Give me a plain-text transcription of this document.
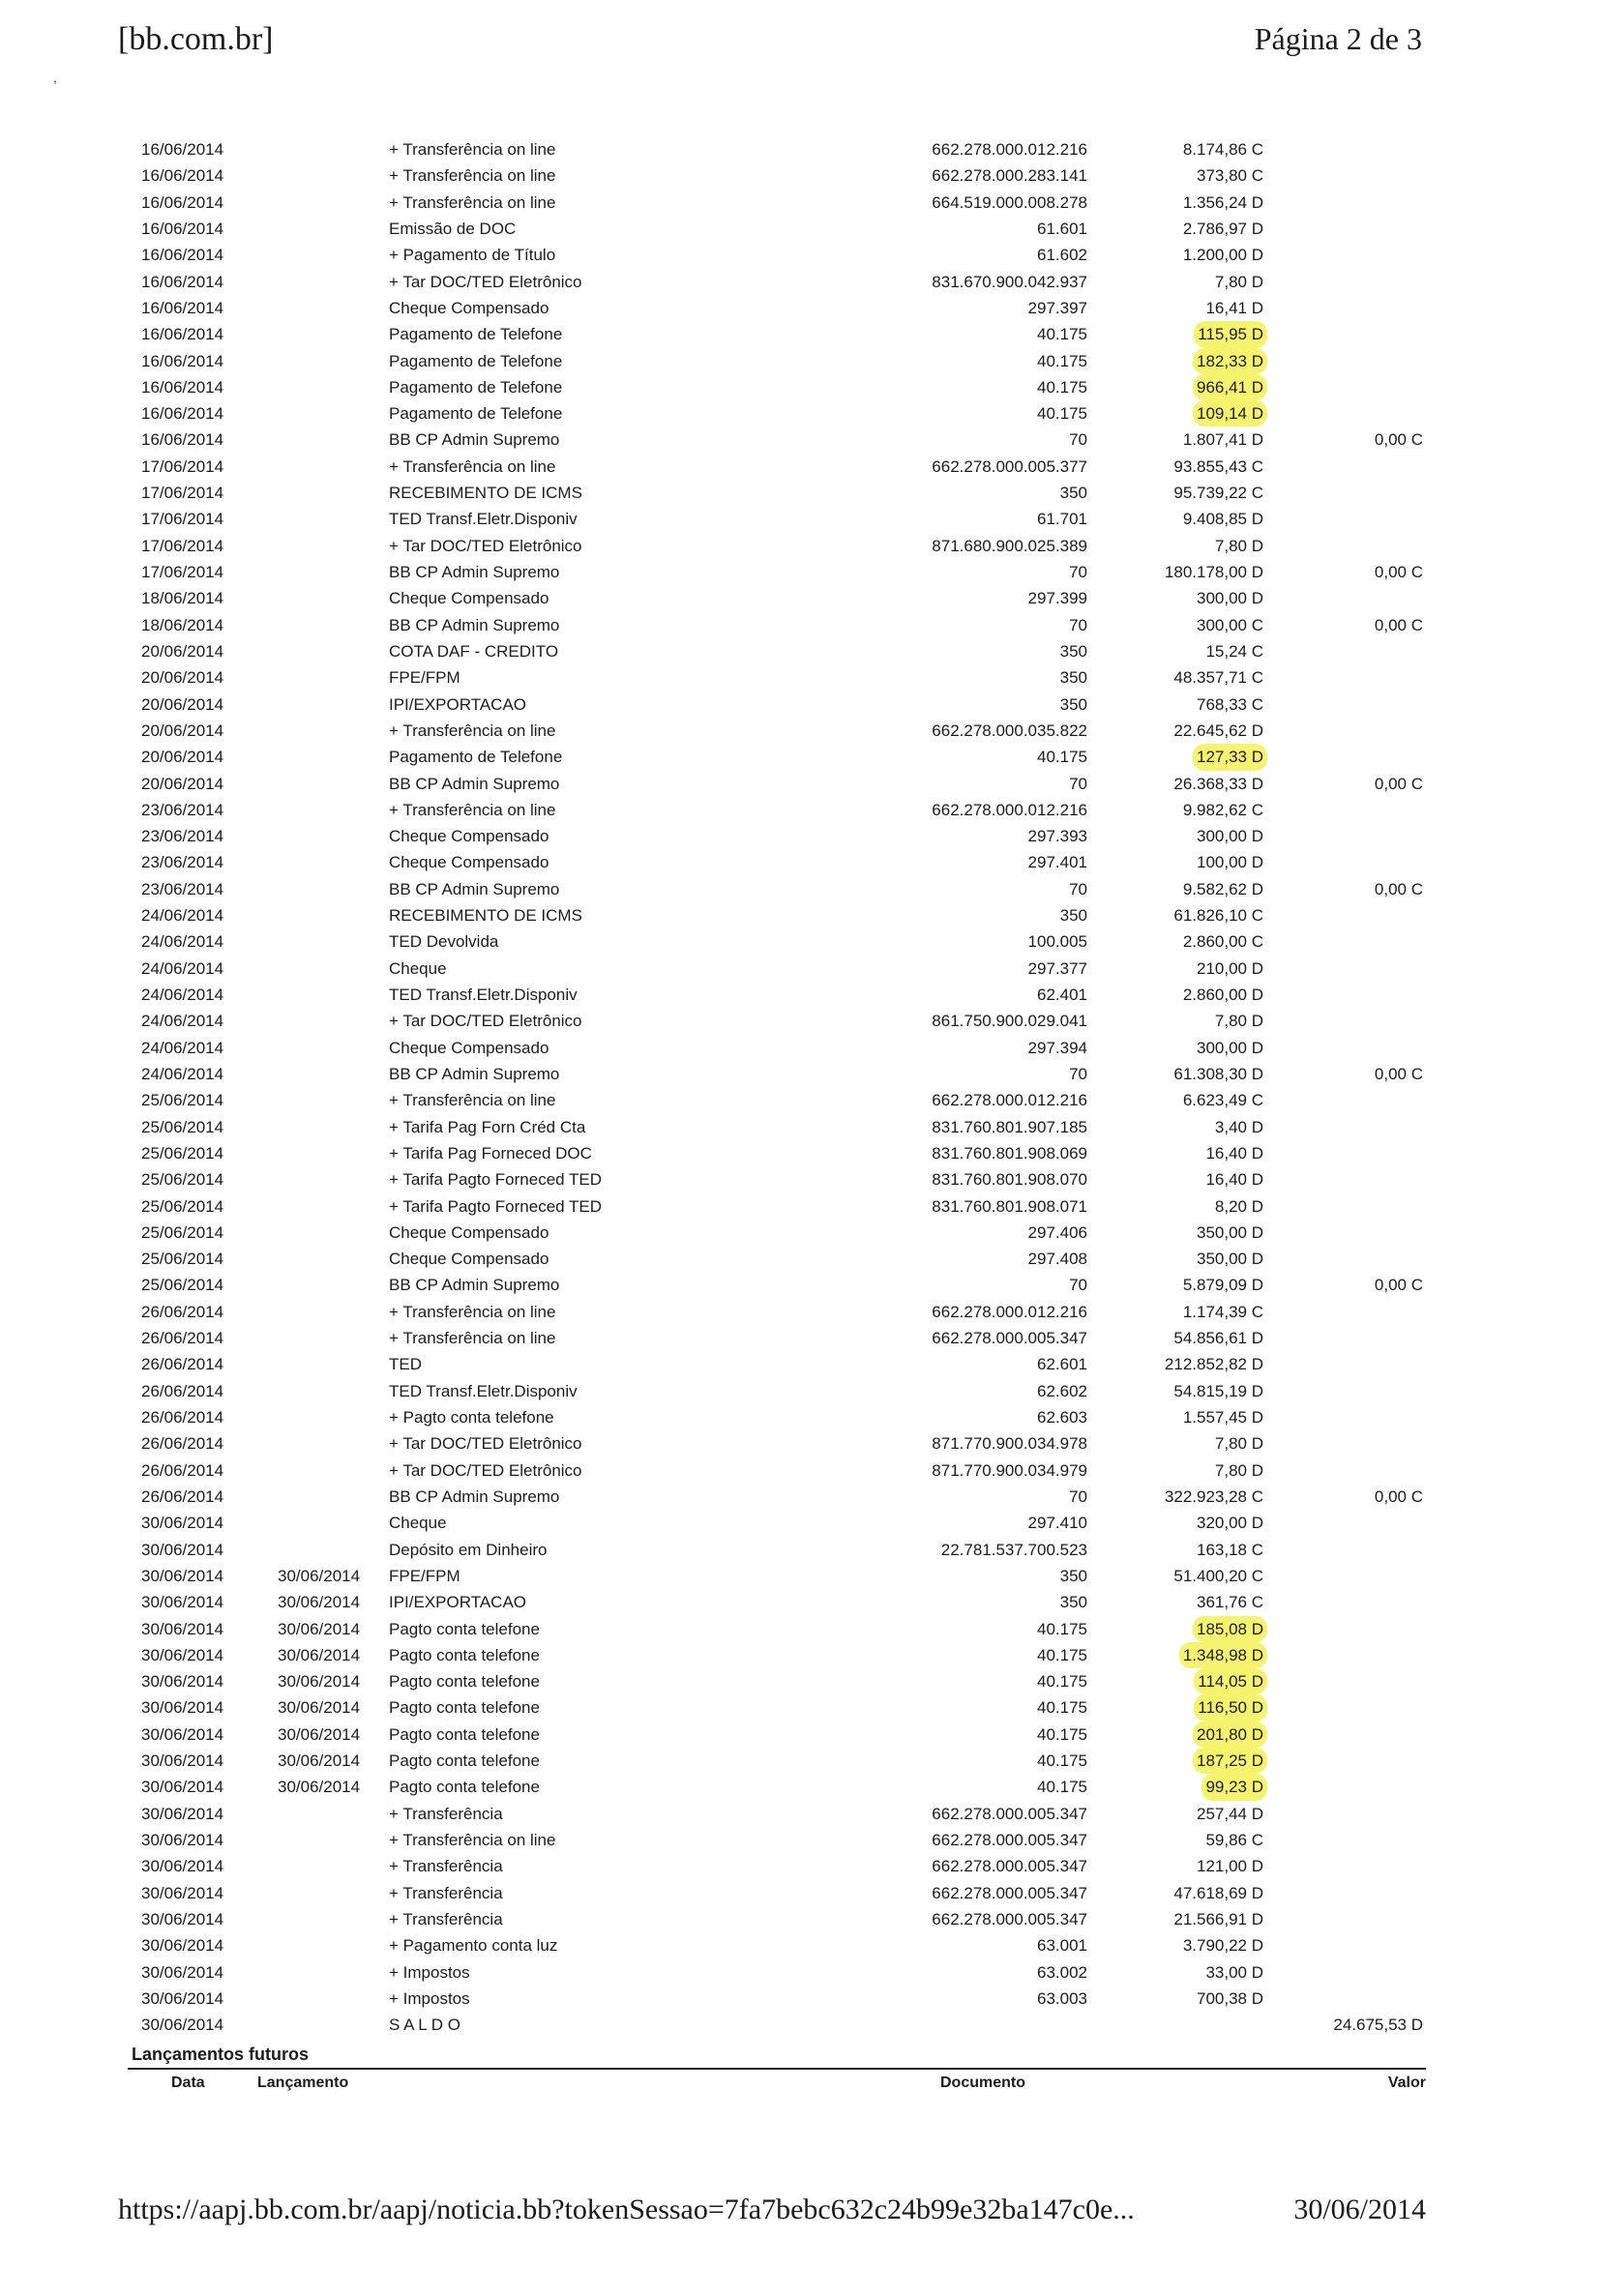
[bb.com.br]	Página 2 de 3
,
16/06/2014	+ Transferência on line	662.278.000.012.216	8.174,86 C
16/06/2014	+ Transferência on line	662.278.000.283.141	373,80 C
16/06/2014	+ Transferência on line	664.519.000.008.278	1.356,24 D
16/06/2014	Emissão de DOC	61.601	2.786,97 D
16/06/2014	+ Pagamento de Título	61.602	1.200,00 D
16/06/2014	+ Tar DOC/TED Eletrônico	831.670.900.042.937	7,80 D
16/06/2014	Cheque Compensado	297.397	16,41 D
16/06/2014	Pagamento de Telefone	40.175	115,95 D
16/06/2014	Pagamento de Telefone	40.175	182,33 D
16/06/2014	Pagamento de Telefone	40.175	966,41 D
16/06/2014	Pagamento de Telefone	40.175	109,14 D
16/06/2014	BB CP Admin Supremo	70	1.807,41 D	0,00 C
17/06/2014	+ Transferência on line	662.278.000.005.377	93.855,43 C
17/06/2014	RECEBIMENTO DE ICMS	350	95.739,22 C
17/06/2014	TED Transf.Eletr.Disponiv	61.701	9.408,85 D
17/06/2014	+ Tar DOC/TED Eletrônico	871.680.900.025.389	7,80 D
17/06/2014	BB CP Admin Supremo	70	180.178,00 D	0,00 C
18/06/2014	Cheque Compensado	297.399	300,00 D
18/06/2014	BB CP Admin Supremo	70	300,00 C	0,00 C
20/06/2014	COTA DAF - CREDITO	350	15,24 C
20/06/2014	FPE/FPM	350	48.357,71 C
20/06/2014	IPI/EXPORTACAO	350	768,33 C
20/06/2014	+ Transferência on line	662.278.000.035.822	22.645,62 D
20/06/2014	Pagamento de Telefone	40.175	127,33 D
20/06/2014	BB CP Admin Supremo	70	26.368,33 D	0,00 C
23/06/2014	+ Transferência on line	662.278.000.012.216	9.982,62 C
23/06/2014	Cheque Compensado	297.393	300,00 D
23/06/2014	Cheque Compensado	297.401	100,00 D
23/06/2014	BB CP Admin Supremo	70	9.582,62 D	0,00 C
24/06/2014	RECEBIMENTO DE ICMS	350	61.826,10 C
24/06/2014	TED Devolvida	100.005	2.860,00 C
24/06/2014	Cheque	297.377	210,00 D
24/06/2014	TED Transf.Eletr.Disponiv	62.401	2.860,00 D
24/06/2014	+ Tar DOC/TED Eletrônico	861.750.900.029.041	7,80 D
24/06/2014	Cheque Compensado	297.394	300,00 D
24/06/2014	BB CP Admin Supremo	70	61.308,30 D	0,00 C
25/06/2014	+ Transferência on line	662.278.000.012.216	6.623,49 C
25/06/2014	+ Tarifa Pag Forn Créd Cta	831.760.801.907.185	3,40 D
25/06/2014	+ Tarifa Pag Forneced DOC	831.760.801.908.069	16,40 D
25/06/2014	+ Tarifa Pagto Forneced TED	831.760.801.908.070	16,40 D
25/06/2014	+ Tarifa Pagto Forneced TED	831.760.801.908.071	8,20 D
25/06/2014	Cheque Compensado	297.406	350,00 D
25/06/2014	Cheque Compensado	297.408	350,00 D
25/06/2014	BB CP Admin Supremo	70	5.879,09 D	0,00 C
26/06/2014	+ Transferência on line	662.278.000.012.216	1.174,39 C
26/06/2014	+ Transferência on line	662.278.000.005.347	54.856,61 D
26/06/2014	TED	62.601	212.852,82 D
26/06/2014	TED Transf.Eletr.Disponiv	62.602	54.815,19 D
26/06/2014	+ Pagto conta telefone	62.603	1.557,45 D
26/06/2014	+ Tar DOC/TED Eletrônico	871.770.900.034.978	7,80 D
26/06/2014	+ Tar DOC/TED Eletrônico	871.770.900.034.979	7,80 D
26/06/2014	BB CP Admin Supremo	70	322.923,28 C	0,00 C
30/06/2014	Cheque	297.410	320,00 D
30/06/2014	Depósito em Dinheiro	22.781.537.700.523	163,18 C
30/06/2014	30/06/2014 FPE/FPM	350	51.400,20 C
30/06/2014	30/06/2014 IPI/EXPORTACAO	350	361,76 C
30/06/2014	30/06/2014 Pagto conta telefone	40.175	185,08 D
30/06/2014	30/06/2014 Pagto conta telefone	40.175	1.348,98 D
30/06/2014	30/06/2014 Pagto conta telefone	40.175	114,05 D
30/06/2014	30/06/2014 Pagto conta telefone	40.175	116,50 D
30/06/2014	30/06/2014 Pagto conta telefone	40.175	201,80 D
30/06/2014	30/06/2014 Pagto conta telefone	40.175	187,25 D
30/06/2014	30/06/2014 Pagto conta telefone	40.175	99,23 D
30/06/2014	+ Transferência	662.278.000.005.347	257,44 D
30/06/2014	+ Transferência on line	662.278.000.005.347	59,86 C
30/06/2014	+ Transferência	662.278.000.005.347	121,00 D
30/06/2014	+ Transferência	662.278.000.005.347	47.618,69 D
30/06/2014	+ Transferência	662.278.000.005.347	21.566,91 D
30/06/2014	+ Pagamento conta luz	63.001	3.790,22 D
30/06/2014	+ Impostos	63.002	33,00 D
30/06/2014	+ Impostos	63.003	700,38 D
30/06/2014	S A L D O	24.675,53 D
Lançamentos futuros
Data	Lançamento	Documento	Valor
https://aapj.bb.com.br/aapj/noticia.bb?tokenSessao=7fa7bebc632c24b99e32ba147c0e...	30/06/2014
